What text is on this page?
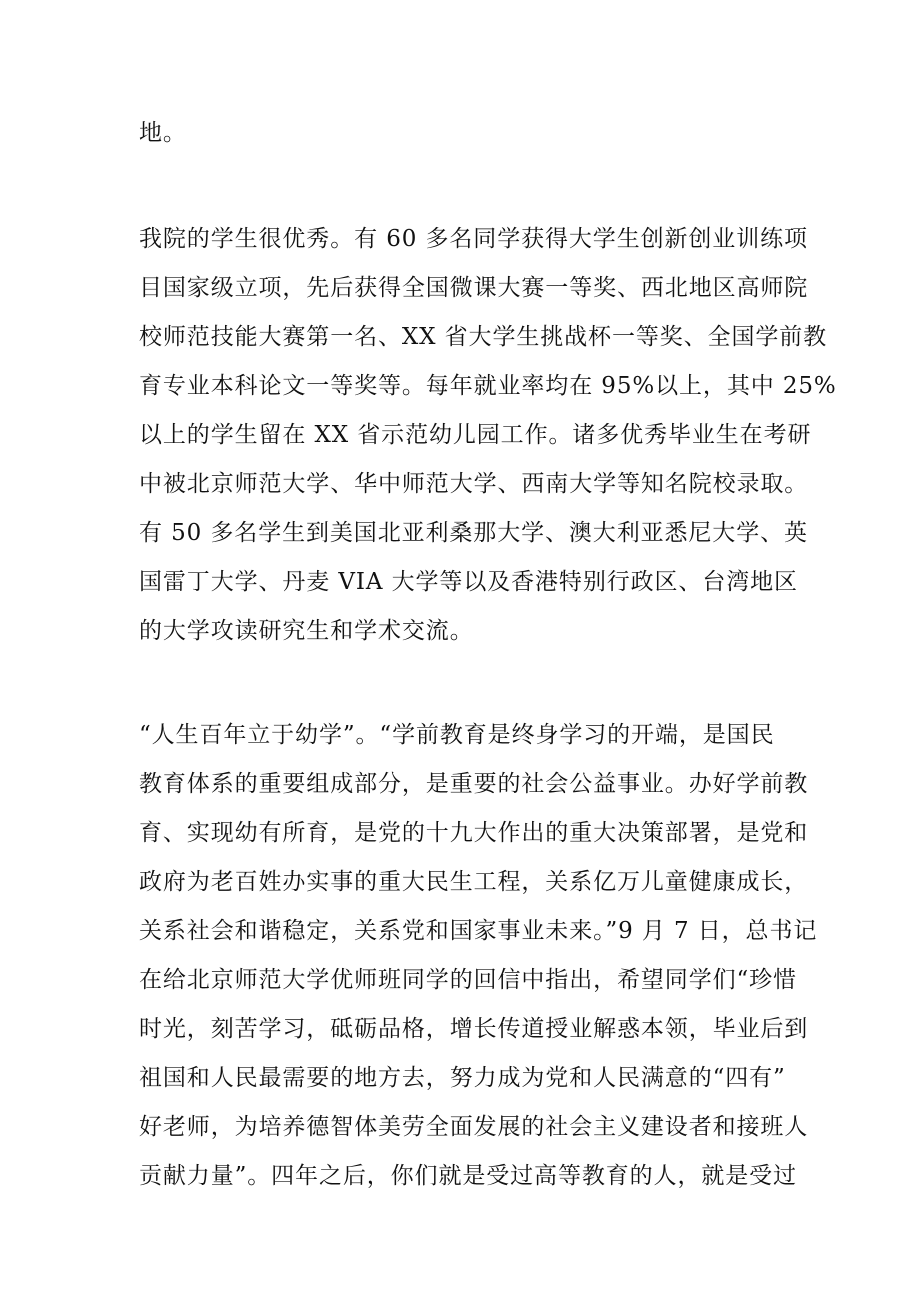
地。
我院的学生很优秀。有 60 多名同学获得大学生创新创业训练项
目国家级立项，先后获得全国微课大赛一等奖、西北地区高师院
校师范技能大赛第一名、XX 省大学生挑战杯一等奖、全国学前教
育专业本科论文一等奖等。每年就业率均在 95%以上，其中 25%
以上的学生留在 XX 省示范幼儿园工作。诸多优秀毕业生在考研
中被北京师范大学、华中师范大学、西南大学等知名院校录取。
有 50 多名学生到美国北亚利桑那大学、澳大利亚悉尼大学、英
国雷丁大学、丹麦 VIA 大学等以及香港特别行政区、台湾地区
的大学攻读研究生和学术交流。
“人生百年立于幼学”。“学前教育是终身学习的开端，是国民
教育体系的重要组成部分，是重要的社会公益事业。办好学前教
育、实现幼有所育，是党的十九大作出的重大决策部署，是党和
政府为老百姓办实事的重大民生工程，关系亿万儿童健康成长，
关系社会和谐稳定，关系党和国家事业未来。”9 月 7 日，总书记
在给北京师范大学优师班同学的回信中指出，希望同学们“珍惜
时光，刻苦学习，砥砺品格，增长传道授业解惑本领，毕业后到
祖国和人民最需要的地方去，努力成为党和人民满意的“四有”
好老师，为培养德智体美劳全面发展的社会主义建设者和接班人
贡献力量”。四年之后，你们就是受过高等教育的人，就是受过
